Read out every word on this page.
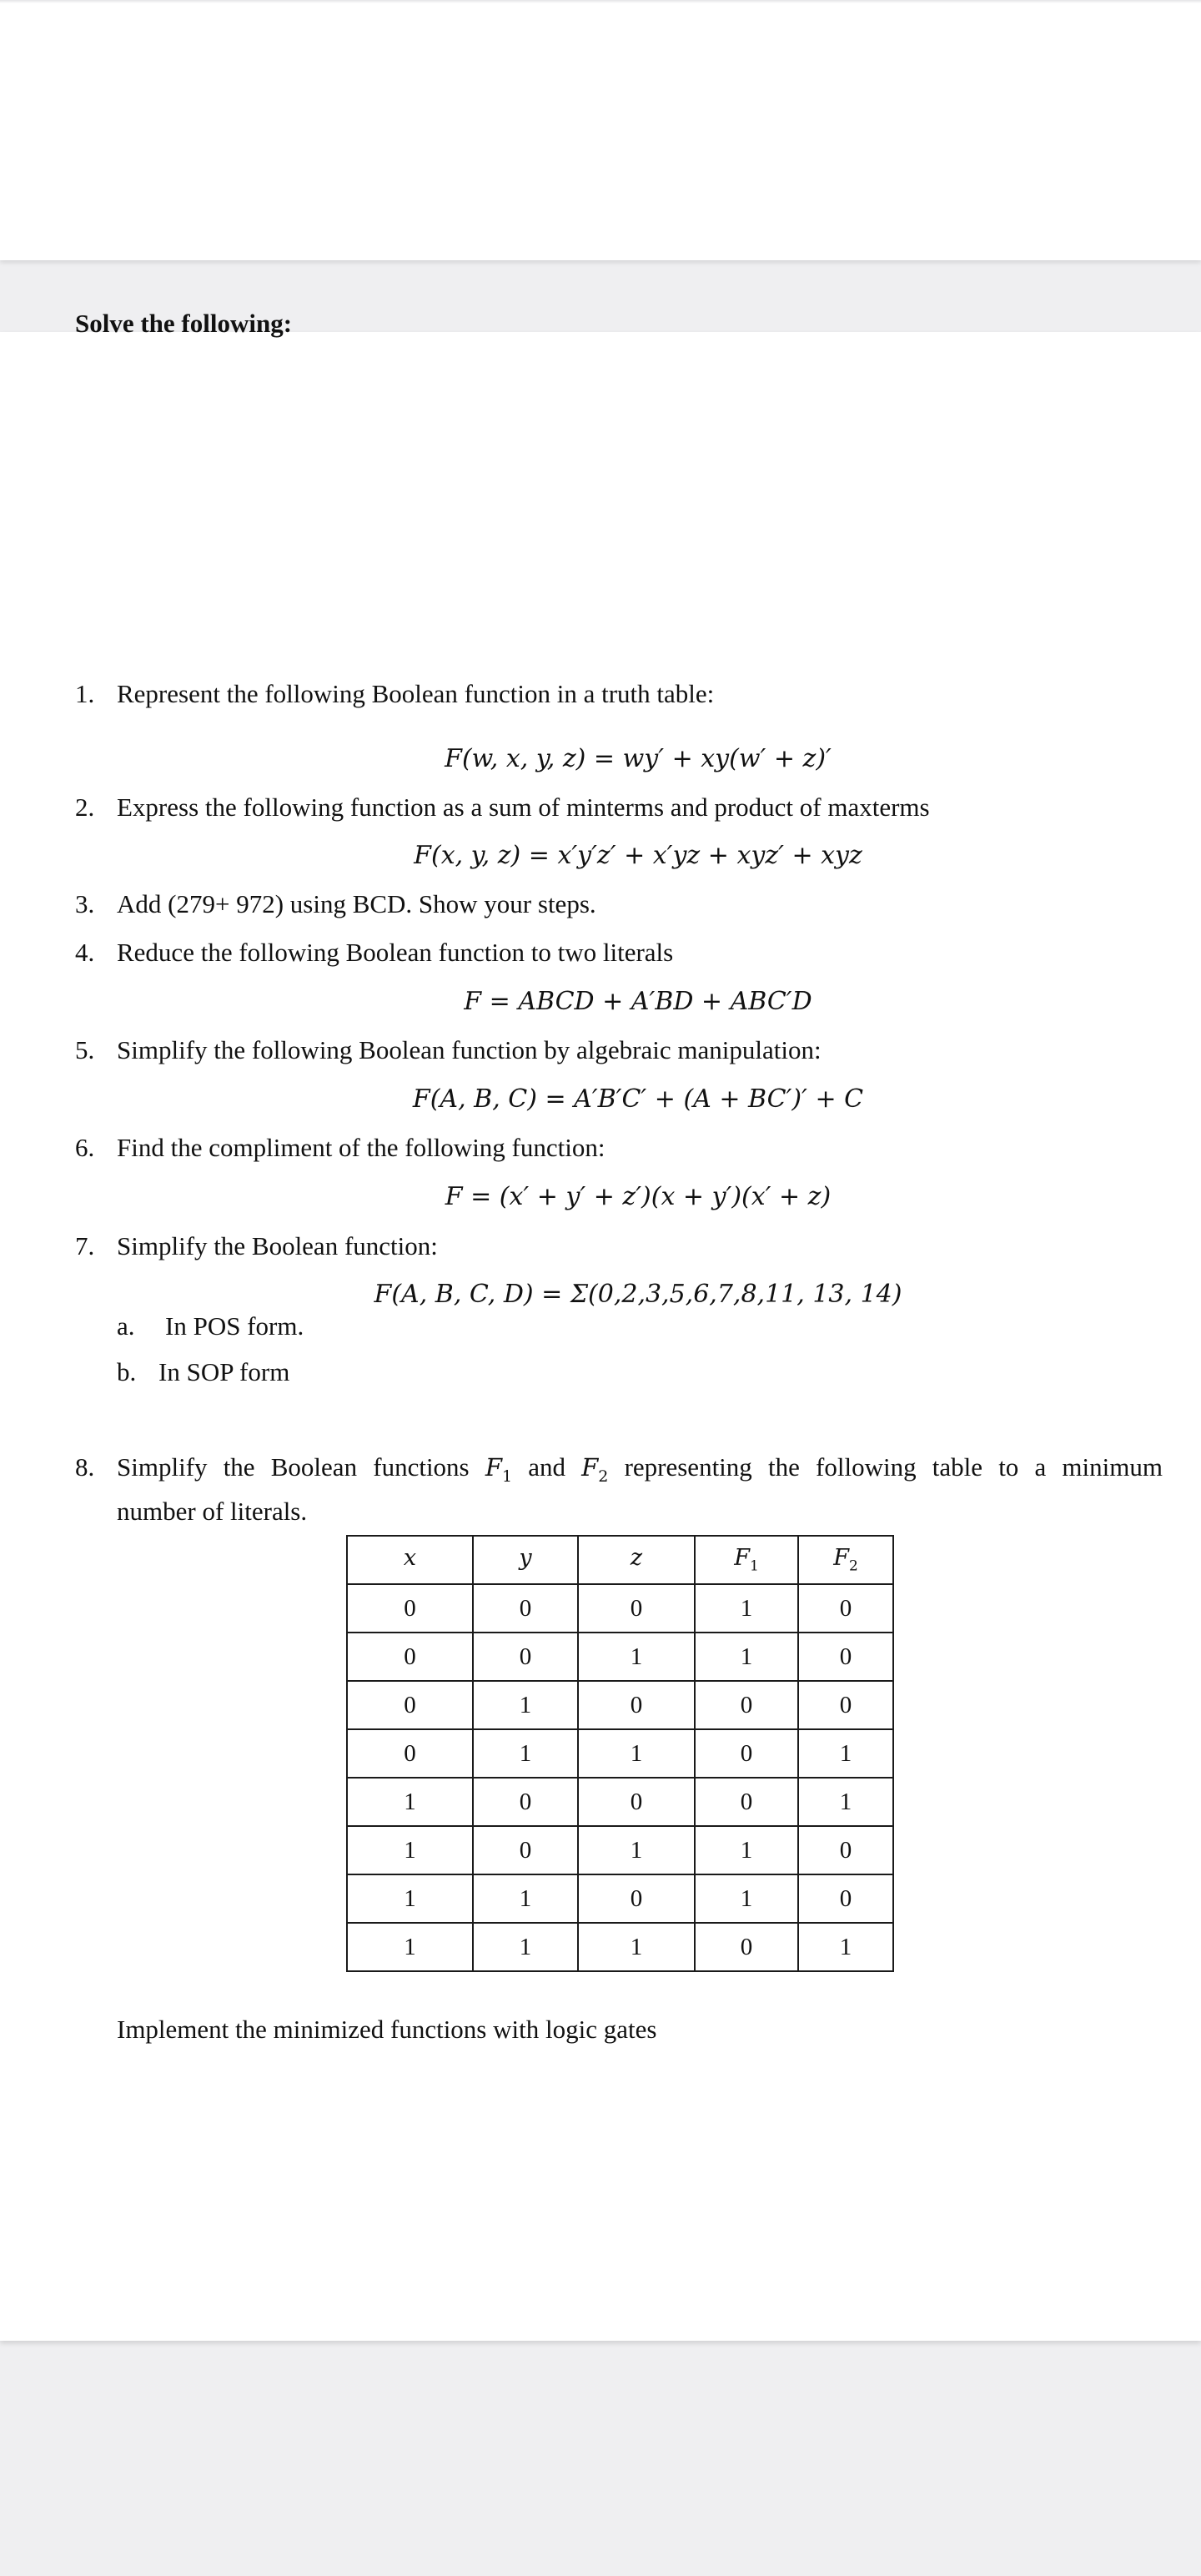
Solve the following:
1. Represent the following Boolean function in a truth table:
F(w, x, y, z) = wy′ + xy(w′ + z)′
2. Express the following function as a sum of minterms and product of maxterms
F(x, y, z) = x′y′z′ + x′yz + xyz′ + xyz
3. Add (279+ 972) using BCD. Show your steps.
4. Reduce the following Boolean function to two literals
F = ABCD + A′BD + ABC′D
5. Simplify the following Boolean function by algebraic manipulation:
F(A, B, C) = A′B′C′ + (A + BC′)′ + C
6. Find the compliment of the following function:
F = (x′ + y′ + z′)(x + y′)(x′ + z)
7. Simplify the Boolean function:
F(A, B, C, D) = Σ(0,2,3,5,6,7,8,11, 13, 14)
a. In POS form.
b. In SOP form
8. Simplify the Boolean functions $F_1$ and $F_2$ representing the following table to a minimum
number of literals.
x	y	z	$F_1$	$F_2$
0	0	0	1	0
0	0	1	1	0
0	1	0	0	0
0	1	1	0	1
1	0	0	0	1
1	0	1	1	0
1	1	0	1	0
1	1	1	0	1
Implement the minimized functions with logic gates
